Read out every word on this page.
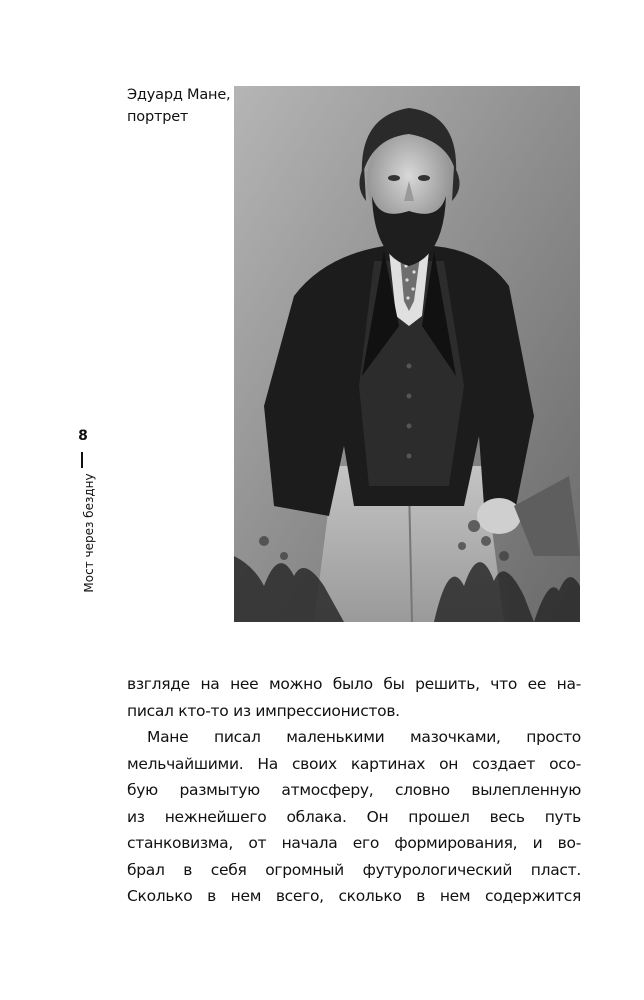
Эдуард Мане,
портрет
8
Мост через бездну
взгляде на нее можно было бы решить, что ее на-
писал кто-то из импрессионистов.
Мане писал маленькими мазочками, просто
мельчайшими. На своих картинах он создает осо-
бую размытую атмосферу, словно вылепленную
из нежнейшего облака. Он прошел весь путь
станковизма, от начала его формирования, и во-
брал в себя огромный футурологический пласт.
Сколько в нем всего, сколько в нем содержится
